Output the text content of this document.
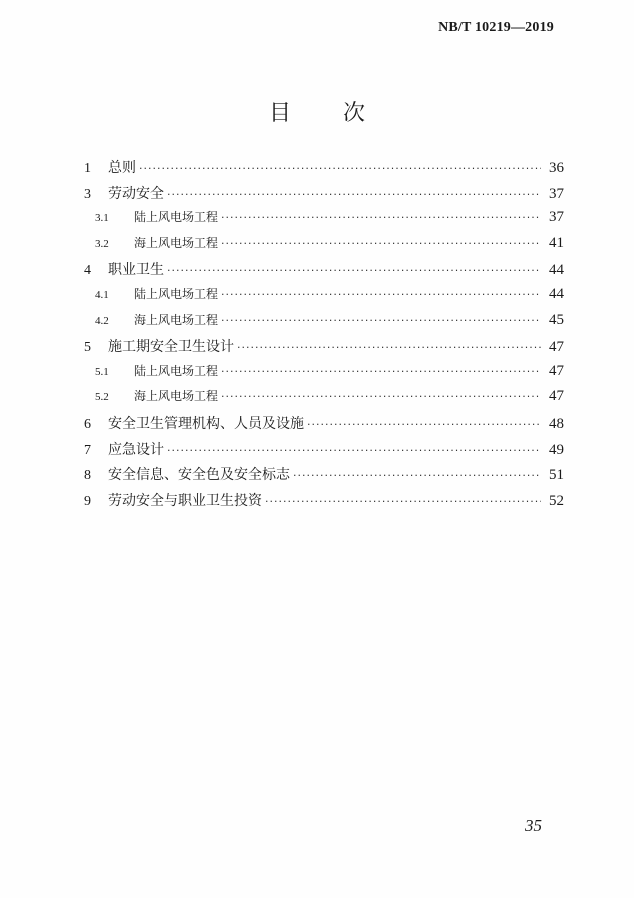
NB/T 10219—2019
目次
1	总则 ·····	36
3	劳动安全 ·····	37
3.1	陆上风电场工程 ·····	37
3.2	海上风电场工程 ·····	41
4	职业卫生 ·····	44
4.1	陆上风电场工程 ·····	44
4.2	海上风电场工程 ·····	45
5	施工期安全卫生设计 ·····	47
5.1	陆上风电场工程 ·····	47
5.2	海上风电场工程 ·····	47
6	安全卫生管理机构、人员及设施 ·····	48
7	应急设计 ·····	49
8	安全信息、安全色及安全标志 ·····	51
9	劳动安全与职业卫生投资 ·····	52
35
